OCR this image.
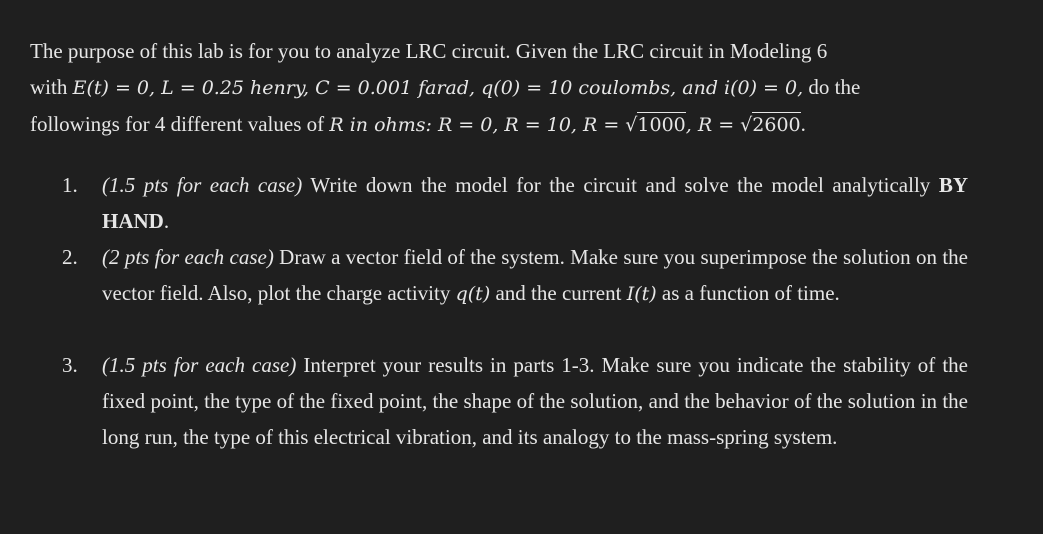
The purpose of this lab is for you to analyze LRC circuit. Given the LRC circuit in Modeling 6
with E(t) = 0, L = 0.25 henry, C = 0.001 farad, q(0) = 10 coulombs, and i(0) = 0, do the
followings for 4 different values of R in ohms: R = 0, R = 10, R = √1000, R = √2600.
1.	(1.5 pts for each case) Write down the model for the circuit and solve the model analytically BY HAND.
2.	(2 pts for each case) Draw a vector field of the system. Make sure you superimpose the solution on the vector field. Also, plot the charge activity q(t) and the current I(t) as a function of time.
3.	(1.5 pts for each case) Interpret your results in parts 1-3. Make sure you indicate the stability of the fixed point, the type of the fixed point, the shape of the solution, and the behavior of the solution in the long run, the type of this electrical vibration, and its analogy to the mass-spring system.
